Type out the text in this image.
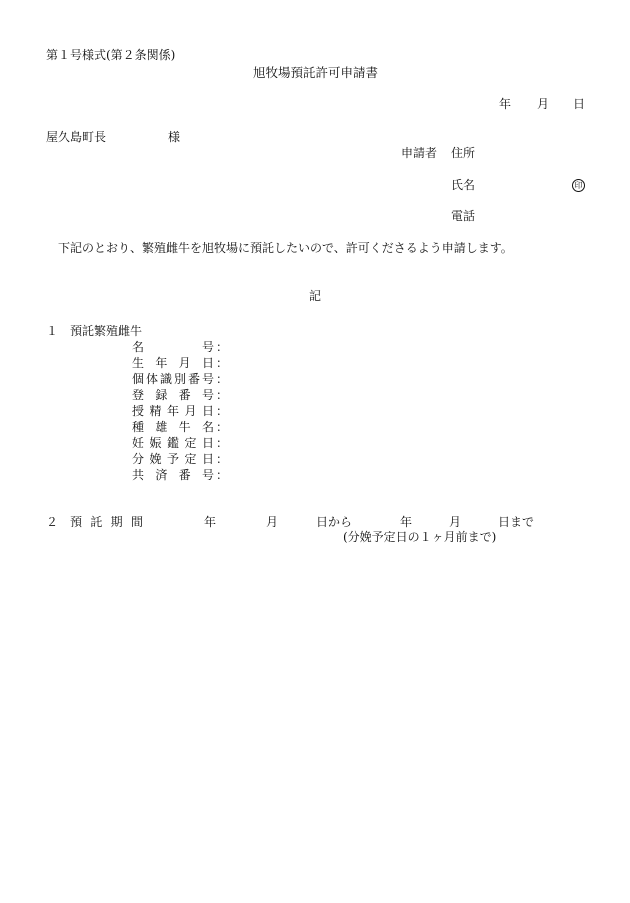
第１号様式(第２条関係)
旭牧場預託許可申請書
年 月 日
屋久島町長	様
申請者 住所
氏名	印
電話
下記のとおり、繁殖雌牛を旭牧場に預託したいので、許可くださるよう申請します。
記
１ 預託繁殖雌牛
名号 ：
生年月日 ：
個体識別番号 ：
登録番号 ：
授精年月日 ：
種雄牛名 ：
妊娠鑑定日 ：
分娩予定日 ：
共済番号 ：
２ 預託期間	年	月	日から	年	月	日まで
(分娩予定日の１ヶ月前まで)
